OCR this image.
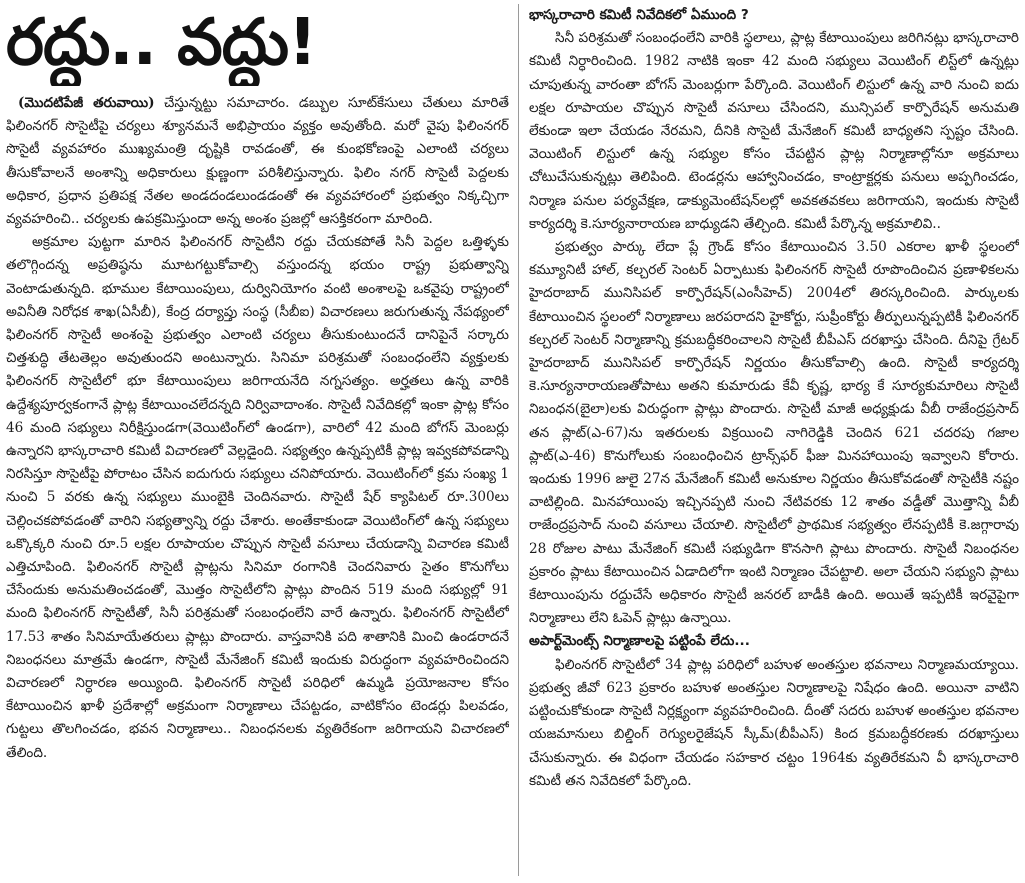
రద్దు.. వద్దు!

(మొదటిపేజీ తరువాయి) చేస్తున్నట్టు సమాచారం. డబ్బుల సూట్‌కేసులు చేతులు మారితే ఫిలింనగర్‌ సొసైటీపై చర్యలు శ్యూనమనే అభిప్రాయం వ్యక్తం అవుతోంది. మరో వైపు ఫిలింనగర్‌ సొసైటీ వ్యవహారం ముఖ్యమంత్రి దృష్టికి రావడంతో, ఈ కుంభకోణంపై ఎలాంటి చర్యలు తీసుకోవాలనే అంశాన్ని అధికారులు క్షుణ్ణంగా పరిశీలిస్తున్నారు. ఫిలిం నగర్‌ సొసైటీ పెద్దలకు అధికార, ప్రధాన ప్రతిపక్ష నేతల అండదండలుండడంతో ఈ వ్యవహారంలో ప్రభుత్వం నిక్కచ్చిగా వ్యవహరించి.. చర్యలకు ఉపక్రమిస్తుందా అన్న అంశం ప్రజల్లో ఆసక్తికరంగా మారింది.

అక్రమాల పుట్టగా మారిన ఫిలింనగర్‌ సొసైటీని రద్దు చేయకపోతే సినీ పెద్దల ఒత్తిళ్ళకు తలొగ్గిందన్న అప్రతిష్ఠను మూటగట్టుకోవాల్సి వస్తుందన్న భయం రాష్ట్ర ప్రభుత్వాన్ని వెంటాడుతున్నది. భూముల కేటాయింపులు, దుర్వినియోగం వంటి అంశాలపై ఒకవైపు రాష్ట్రంలో అవినీతి నిరోధక శాఖ(ఏసీబీ), కేంద్ర దర్యాప్తు సంస్థ (సీబీఐ) విచారణలు జరుగుతున్న నేపథ్యంలో ఫిలింనగర్‌ సొసైటీ అంశంపై ప్రభుత్వం ఎలాంటి చర్యలు తీసుకుంటుందనే దానిపైనే సర్కారు చిత్తశుద్ధి తేటతెల్లం అవుతుందని అంటున్నారు. సినిమా పరిశ్రమతో సంబంధంలేని వ్యక్తులకు ఫిలింనగర్‌ సొసైటీలో భూ కేటాయింపులు జరిగాయనేది నగ్నసత్యం. అర్హతలు ఉన్న వారికి ఉద్దేశ్యపూర్వకంగానే ప్లాట్ల కేటాయించలేదన్నది నిర్వివాదాంశం. సొసైటీ నివేదికల్లో ఇంకా ప్లాట్ల కోసం 46 మంది సభ్యులు నిరీక్షిస్తుండగా(వెయిటింగ్‌లో ఉండగా), వారిలో 42 మంది బోగస్‌ మెంబర్లు ఉన్నారని భాస్కరాచారి కమిటీ విచారణలో వెల్లడైంది. సభ్యత్వం ఉన్నప్పటికీ ప్లాట్ల ఇవ్వకపోవడాన్ని నిరసిస్తూ సొసైటీపై పోరాటం చేసిన ఐదుగురు సభ్యులు చనిపోయారు. వెయిటింగ్‌లో క్రమ సంఖ్య 1 నుంచి 5 వరకు ఉన్న సభ్యులు ముంబైకి చెందినవారు. సొసైటీ షేర్‌ క్యాపిటల్‌ రూ.300లు చెల్లించకపోవడంతో వారిని సభ్యత్వాన్ని రద్దు చేశారు. అంతేకాకుండా వెయిటింగ్‌లో ఉన్న సభ్యులు ఒక్కొక్కరి నుంచి రూ.5 లక్షల రూపాయల చొప్పున సొసైటీ వసూలు చేయడాన్ని విచారణ కమిటీ ఎత్తిచూపింది. ఫిలింనగర్‌ సొసైటీ ప్లాట్లను సినిమా రంగానికి చెందనివారు సైతం కొనుగోలు చేసేందుకు అనుమతించడంతో, మొత్తం సొసైటీలోని ప్లాట్లు పొందిన 519 మంది సభ్యుల్లో 91 మంది ఫిలింనగర్‌ సొసైటీతో, సినీ పరిశ్రమతో సంబంధంలేని వారే ఉన్నారు. ఫిలింనగర్‌ సొసైటీలో 17.53 శాతం సినిమాయేతరులు ప్లాట్లు పొందారు. వాస్తవానికి పది శాతానికి మించి ఉండరాదనే నిబంధనలు మాత్రమే ఉండగా, సొసైటీ మేనేజింగ్‌ కమిటీ ఇందుకు విరుద్ధంగా వ్యవహరించిందని విచారణలో నిర్ధారణ అయ్యింది. ఫిలింనగర్‌ సొసైటీ పరిధిలో ఉమ్మడి ప్రయోజనాల కోసం కేటాయించిన ఖాళీ ప్రదేశాల్లో అక్రమంగా నిర్మాణాలు చేపట్టడం, వాటికోసం టెండర్లు పిలవడం, గుట్టలు తొలగించడం, భవన నిర్మాణాలు.. నిబంధనలకు వ్యతిరేకంగా జరిగాయని విచారణలో తేలింది.

భాస్కరాచారి కమిటీ నివేదికలో ఏముంది ?

సినీ పరిశ్రమతో సంబంధంలేని వారికి స్థలాలు, ప్లాట్ల కేటాయింపులు జరిగినట్లు భాస్కరాచారి కమిటీ నిర్ధారించింది. 1982 నాటికి ఇంకా 42 మంది సభ్యులు వెయిటింగ్‌ లిస్ట్‌లో ఉన్నట్లు చూపుతున్న వారంతా బోగస్‌ మెంబర్లుగా పేర్కొంది. వెయిటింగ్‌ లిస్టులో ఉన్న వారి నుంచి ఐదు లక్షల రూపాయల చొప్పున సొసైటీ వసూలు చేసిందని, మున్సిపల్‌ కార్పొరేషన్‌ అనుమతి లేకుండా ఇలా చేయడం నేరమని, దీనికి సొసైటీ మేనేజింగ్‌ కమిటీ బాధ్యతని స్పష్టం చేసింది. వెయిటింగ్‌ లిస్టులో ఉన్న సభ్యుల కోసం చేపట్టిన ప్లాట్ల నిర్మాణాల్లోనూ అక్రమాలు చోటుచేసుకున్నట్లు తెలిపింది. టెండర్లను ఆహ్వానించడం, కాంట్రాక్టర్లకు పనులు అప్పగించడం, నిర్మాణ పనుల పర్యవేక్షణ, డాక్యుమెంటేషన్‌లల్లో అవకతవకలు జరిగాయని, ఇందుకు సొసైటీ కార్యదర్శి కె.సూర్యనారాయణ బాధ్యుడని తేల్చింది. కమిటీ పేర్కొన్న అక్రమాలివి..

ప్రభుత్వం పార్కు లేదా ప్లే గ్రౌండ్‌ కోసం కేటాయించిన 3.50 ఎకరాల ఖాళీ స్థలంలో కమ్యూనిటీ హాల్‌, కల్చరల్‌ సెంటర్‌ ఏర్పాటుకు ఫిలింనగర్‌ సొసైటీ రూపొందించిన ప్రణాళికలను హైదరాబాద్‌ మునిసిపల్‌ కార్పొరేషన్‌(ఎంసీహెచ్‌) 2004లో తిరస్కరించింది. పార్కులకు కేటాయించిన స్థలంలో నిర్మాణాలు జరపరాదని హైకోర్టు, సుప్రీంకోర్టు తీర్పులున్నప్పటికీ ఫిలింనగర్‌ కల్చరల్‌ సెంటర్‌ నిర్మాణాన్ని క్రమబద్ధీకరించాలని సొసైటీ బీపీఎస్‌ దరఖాస్తు చేసింది. దీనిపై గ్రేటర్‌ హైదరాబాద్‌ మునిసిపల్‌ కార్పొరేషన్‌ నిర్ణయం తీసుకోవాల్సి ఉంది. సొసైటీ కార్యదర్శి కె.సూర్యనారాయణతోపాటు అతని కుమారుడు కేవీ కృష్ణ, భార్య కే సూర్యకుమారిలు సొసైటీ నిబంధన(బైలా)లకు విరుద్ధంగా ప్లాట్లు పొందారు. సొసైటీ మాజీ అధ్యక్షుడు వీబీ రాజేంద్రప్రసాద్‌ తన ప్లాట్‌(ఎ-67)ను ఇతరులకు విక్రయించి నాగిరెడ్డికి చెందిన 621 చదరపు గజాల ప్లాట్‌(ఎ-46) కొనుగోలుకు సంబంధించిన ట్రాన్స్‌ఫర్‌ ఫీజు మినహాయింపు ఇవ్వాలని కోరారు. ఇందుకు 1996 జులై 27న మేనేజింగ్‌ కమిటీ అనుకూల నిర్ణయం తీసుకోవడంతో సొసైటీకి నష్టం వాటిల్లింది. మినహాయింపు ఇచ్చినప్పటి నుంచి నేటివరకు 12 శాతం వడ్డీతో మొత్తాన్ని వీబీ రాజేంద్రప్రసాద్‌ నుంచి వసూలు చేయాలి. సొసైటీలో ప్రాథమిక సభ్యత్వం లేనప్పటికీ కె.జగ్గారావు 28 రోజుల పాటు మేనేజింగ్‌ కమిటీ సభ్యుడిగా కొనసాగి ప్లాటు పొందారు. సొసైటీ నిబంధనల ప్రకారం ప్లాటు కేటాయించిన ఏడాదిలోగా ఇంటి నిర్మాణం చేపట్టాలి. అలా చేయని సభ్యుని ప్లాటు కేటాయింపును రద్దుచేసే అధికారం సొసైటీ జనరల్‌ బాడీకి ఉంది. అయితే ఇప్పటికీ ఇరవైపైగా నిర్మాణాలు లేని ఓపెన్‌ ప్లాట్లు ఉన్నాయి.

అపార్ట్‌మెంట్స్‌ నిర్మాణాలపై పట్టింపే లేదు...

ఫిలింనగర్‌ సొసైటీలో 34 ప్లాట్ల పరిధిలో బహుళ అంతస్తుల భవనాలు నిర్మాణమయ్యాయి. ప్రభుత్వ జీవో 623 ప్రకారం బహుళ అంతస్తుల నిర్మాణాలపై నిషేధం ఉంది. అయినా వాటిని పట్టించుకోకుండా సొసైటీ నిర్లక్ష్యంగా వ్యవహరించింది. దీంతో సదరు బహుళ అంతస్తుల భవనాల యజమానులు బిల్డింగ్‌ రెగ్యులరైజేషన్‌ స్కీమ్‌(బీపీఎస్‌) కింద క్రమబద్ధీకరణకు దరఖాస్తులు చేసుకున్నారు. ఈ విధంగా చేయడం సహకార చట్టం 1964కు వ్యతిరేకమని వీ భాస్కరాచారి కమిటీ తన నివేదికలో పేర్కొంది.
